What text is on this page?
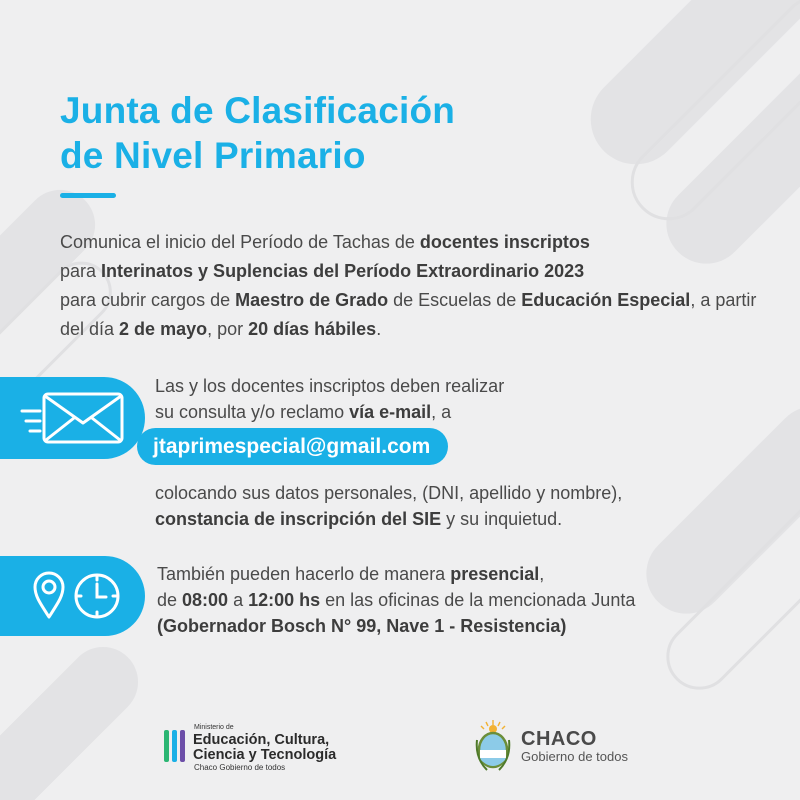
Junta de Clasificación
de Nivel Primario

Comunica el inicio del Período de Tachas de docentes inscriptos
para Interinatos y Suplencias del Período Extraordinario 2023
para cubrir cargos de Maestro de Grado de Escuelas de Educación Especial, a partir del día 2 de mayo, por 20 días hábiles.

Las y los docentes inscriptos deben realizar
su consulta y/o reclamo vía e-mail, a
jtaprimespecial@gmail.com
colocando sus datos personales, (DNI, apellido y nombre),
constancia de inscripción del SIE y su inquietud.
También pueden hacerlo de manera presencial,
de 08:00 a 12:00 hs en las oficinas de la mencionada Junta
(Gobernador Bosch N° 99, Nave 1 - Resistencia)
Ministerio de
Educación, Cultura,
Ciencia y Tecnología
Chaco Gobierno de todos
CHACO
Gobierno de todos
